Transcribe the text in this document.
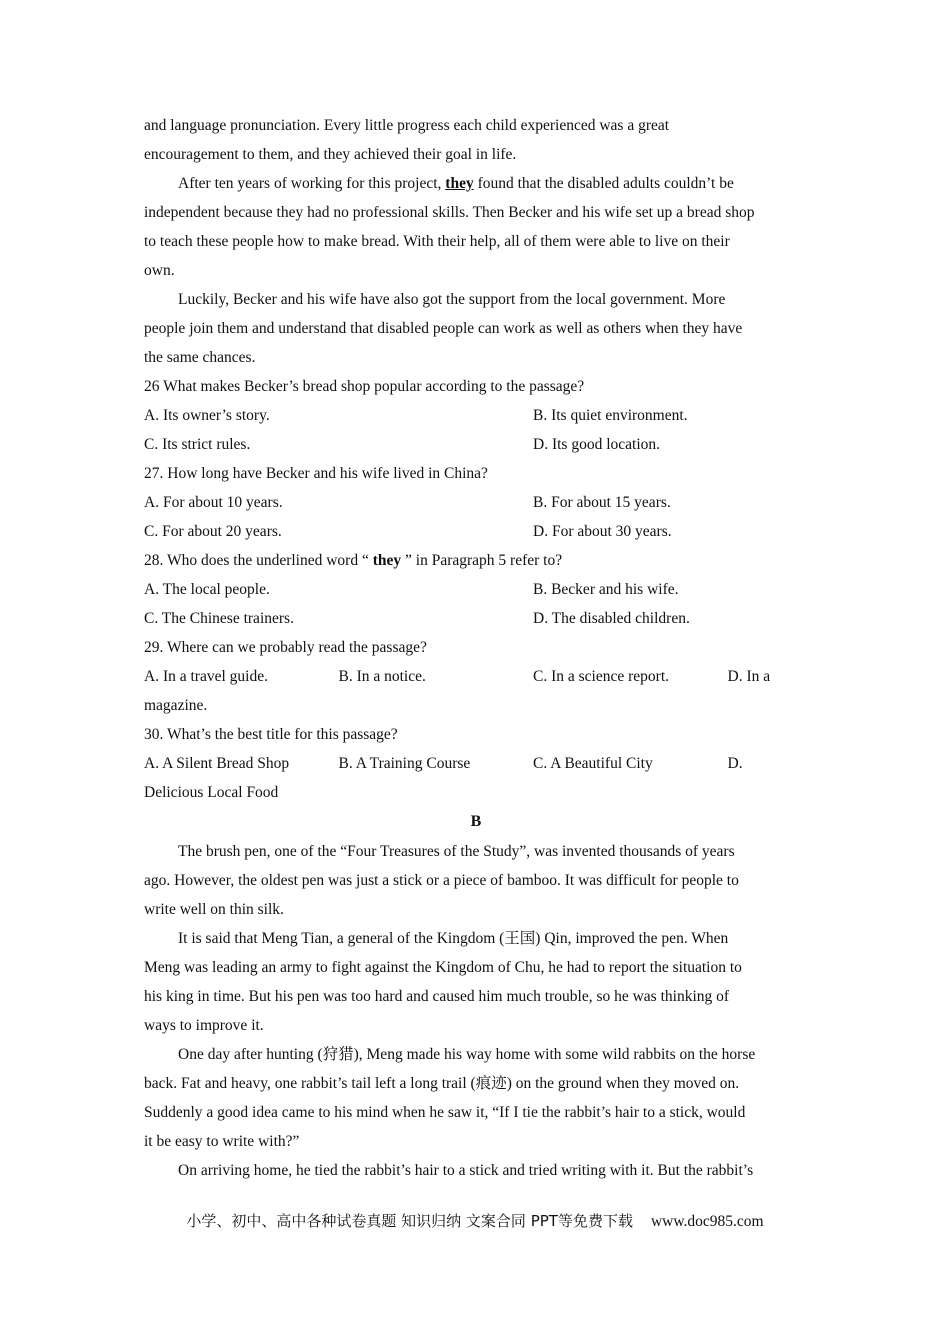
and language pronunciation. Every little progress each child experienced was a great
encouragement to them, and they achieved their goal in life.

After ten years of working for this project, they found that the disabled adults couldn’t be
independent because they had no professional skills. Then Becker and his wife set up a bread shop
to teach these people how to make bread. With their help, all of them were able to live on their
own.

Luckily, Becker and his wife have also got the support from the local government. More
people join them and understand that disabled people can work as well as others when they have
the same chances.

26 What makes Becker’s bread shop popular according to the passage?

A. Its owner’s story.	B. Its quiet environment.
C. Its strict rules.	D. Its good location.

27. How long have Becker and his wife lived in China?

A. For about 10 years.	B. For about 15 years.
C. For about 20 years.	D. For about 30 years.

28. Who does the underlined word “ they ” in Paragraph 5 refer to?

A. The local people.	B. Becker and his wife.
C. The Chinese trainers.	D. The disabled children.

29. Where can we probably read the passage?

A. In a travel guide.	B. In a notice.	C. In a science report.	D. In a

magazine.

30. What’s the best title for this passage?

A. A Silent Bread Shop	B. A Training Course	C. A Beautiful City	D.

Delicious Local Food

B

The brush pen, one of the “Four Treasures of the Study”, was invented thousands of years
ago. However, the oldest pen was just a stick or a piece of bamboo. It was difficult for people to
write well on thin silk.

It is said that Meng Tian, a general of the Kingdom (王国) Qin, improved the pen. When
Meng was leading an army to fight against the Kingdom of Chu, he had to report the situation to
his king in time. But his pen was too hard and caused him much trouble, so he was thinking of
ways to improve it.

One day after hunting (狩猎), Meng made his way home with some wild rabbits on the horse
back. Fat and heavy, one rabbit’s tail left a long trail (痕迹) on the ground when they moved on.
Suddenly a good idea came to his mind when he saw it, “If I tie the rabbit’s hair to a stick, would
it be easy to write with?”

On arriving home, he tied the rabbit’s hair to a stick and tried writing with it. But the rabbit’s

小学、初中、高中各种试卷真题 知识归纳 文案合同 PPT等免费下载 www.doc985.com
